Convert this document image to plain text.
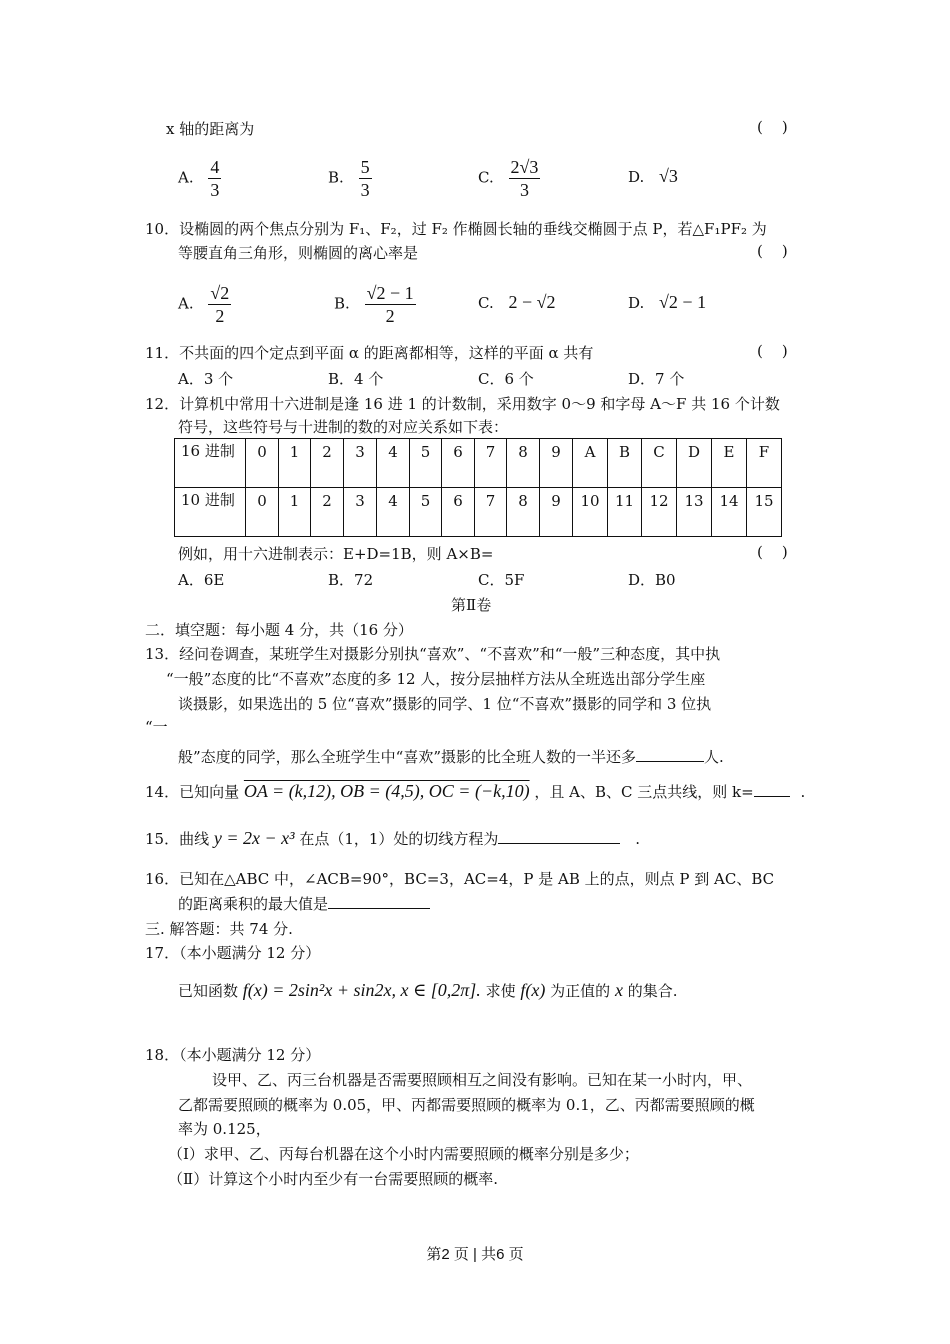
x 轴的距离为	(    )
A. $\frac{4}{3}$	B. $\frac{5}{3}$	C. $\frac{2√3}{3}$	D. √3
10．设椭圆的两个焦点分别为 F₁、F₂，过 F₂ 作椭圆长轴的垂线交椭圆于点 P，若△F₁PF₂ 为
等腰直角三角形，则椭圆的离心率是	(    )
A. $\frac{√2}{2}$	B. $\frac{√2 - 1}{2}$	C. 2 − √2	D. √2 − 1
11．不共面的四个定点到平面 α 的距离都相等，这样的平面 α 共有	(    )
A．3 个	B．4 个	C．6 个	D．7 个
12．计算机中常用十六进制是逢 16 进 1 的计数制，采用数字 0～9 和字母 A～F 共 16 个计数
符号，这些符号与十进制的数的对应关系如下表：
16 进制	0	1	2	3	4	5	6	7	8	9	A	B	C	D	E	F

10 进制	0	1	2	3	4	5	6	7	8	9	10	11	12	13	14	15
例如，用十六进制表示：E+D=1B，则 A×B=	(    )
A．6E	B．72	C．5F	D．B0
第Ⅱ卷
二．填空题：每小题 4 分，共（16 分）
13．经问卷调查，某班学生对摄影分别执“喜欢”、“不喜欢”和“一般”三种态度，其中执
“一般”态度的比“不喜欢”态度的多 12 人，按分层抽样方法从全班选出部分学生座
谈摄影，如果选出的 5 位“喜欢”摄影的同学、1 位“不喜欢”摄影的同学和 3 位执
“一
般”态度的同学，那么全班学生中“喜欢”摄影的比全班人数的一半还多	人.
14．已知向量 OA = (k,12), OB = (4,5), OC = (−k,10) ，且 A、B、C 三点共线，则 k=	.
15．曲线 y = 2x − x³ 在点（1，1）处的切线方程为	.
16．已知在△ABC 中，∠ACB=90°，BC=3，AC=4，P 是 AB 上的点，则点 P 到 AC、BC
的距离乘积的最大值是
三. 解答题：共 74 分.
17．（本小题满分 12 分）
已知函数 f(x) = 2sin²x + sin2x, x ∈ [0,2π]. 求使 f(x) 为正值的 x 的集合.
18．（本小题满分 12 分）
设甲、乙、丙三台机器是否需要照顾相互之间没有影响。已知在某一小时内，甲、
乙都需要照顾的概率为 0.05，甲、丙都需要照顾的概率为 0.1，乙、丙都需要照顾的概
率为 0.125，
（Ⅰ）求甲、乙、丙每台机器在这个小时内需要照顾的概率分别是多少；
（Ⅱ）计算这个小时内至少有一台需要照顾的概率.
第2 页 | 共6 页
